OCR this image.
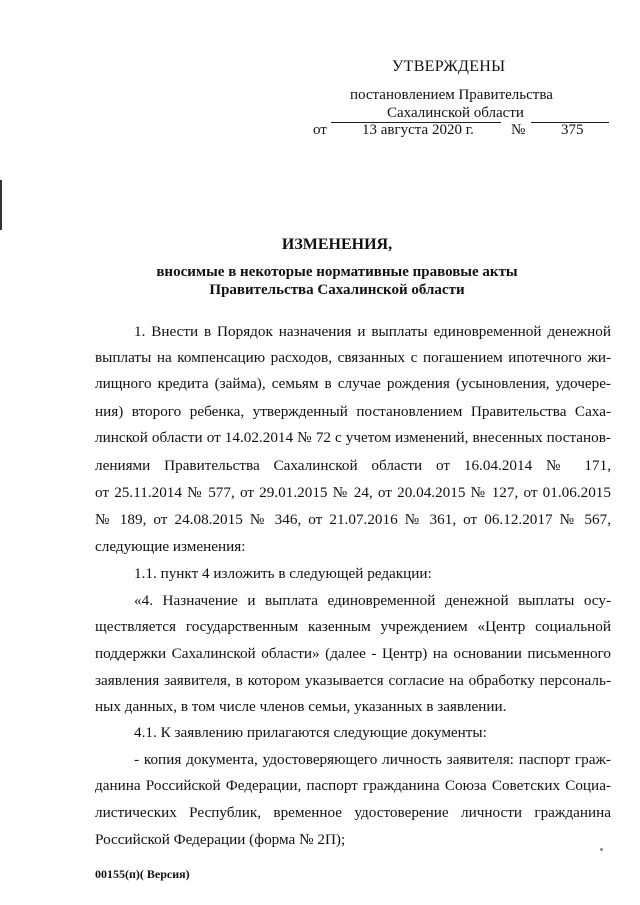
УТВЕРЖДЕНЫ
постановлением Правительства
Сахалинской области
от 13 августа 2020 г. № 375
ИЗМЕНЕНИЯ,
вносимые в некоторые нормативные правовые акты
Правительства Сахалинской области
1. Внести в Порядок назначения и выплаты единовременной денежной
выплаты на компенсацию расходов, связанных с погашением ипотечного жи-
лищного кредита (займа), семьям в случае рождения (усыновления, удочере-
ния) второго ребенка, утвержденный постановлением Правительства Саха-
линской области от 14.02.2014 № 72 с учетом изменений, внесенных постанов-
лениями Правительства Сахалинской области от 16.04.2014 № 171,
от 25.11.2014 № 577, от 29.01.2015 № 24, от 20.04.2015 № 127, от 01.06.2015
№ 189, от 24.08.2015 № 346, от 21.07.2016 № 361, от 06.12.2017 № 567,
следующие изменения:
1.1. пункт 4 изложить в следующей редакции:
«4. Назначение и выплата единовременной денежной выплаты осу-
ществляется государственным казенным учреждением «Центр социальной
поддержки Сахалинской области» (далее - Центр) на основании письменного
заявления заявителя, в котором указывается согласие на обработку персональ-
ных данных, в том числе членов семьи, указанных в заявлении.
4.1. К заявлению прилагаются следующие документы:
- копия документа, удостоверяющего личность заявителя: паспорт граж-
данина Российской Федерации, паспорт гражданина Союза Советских Социа-
листических Республик, временное удостоверение личности гражданина
Российской Федерации (форма № 2П);
00155(п)( Версия)
